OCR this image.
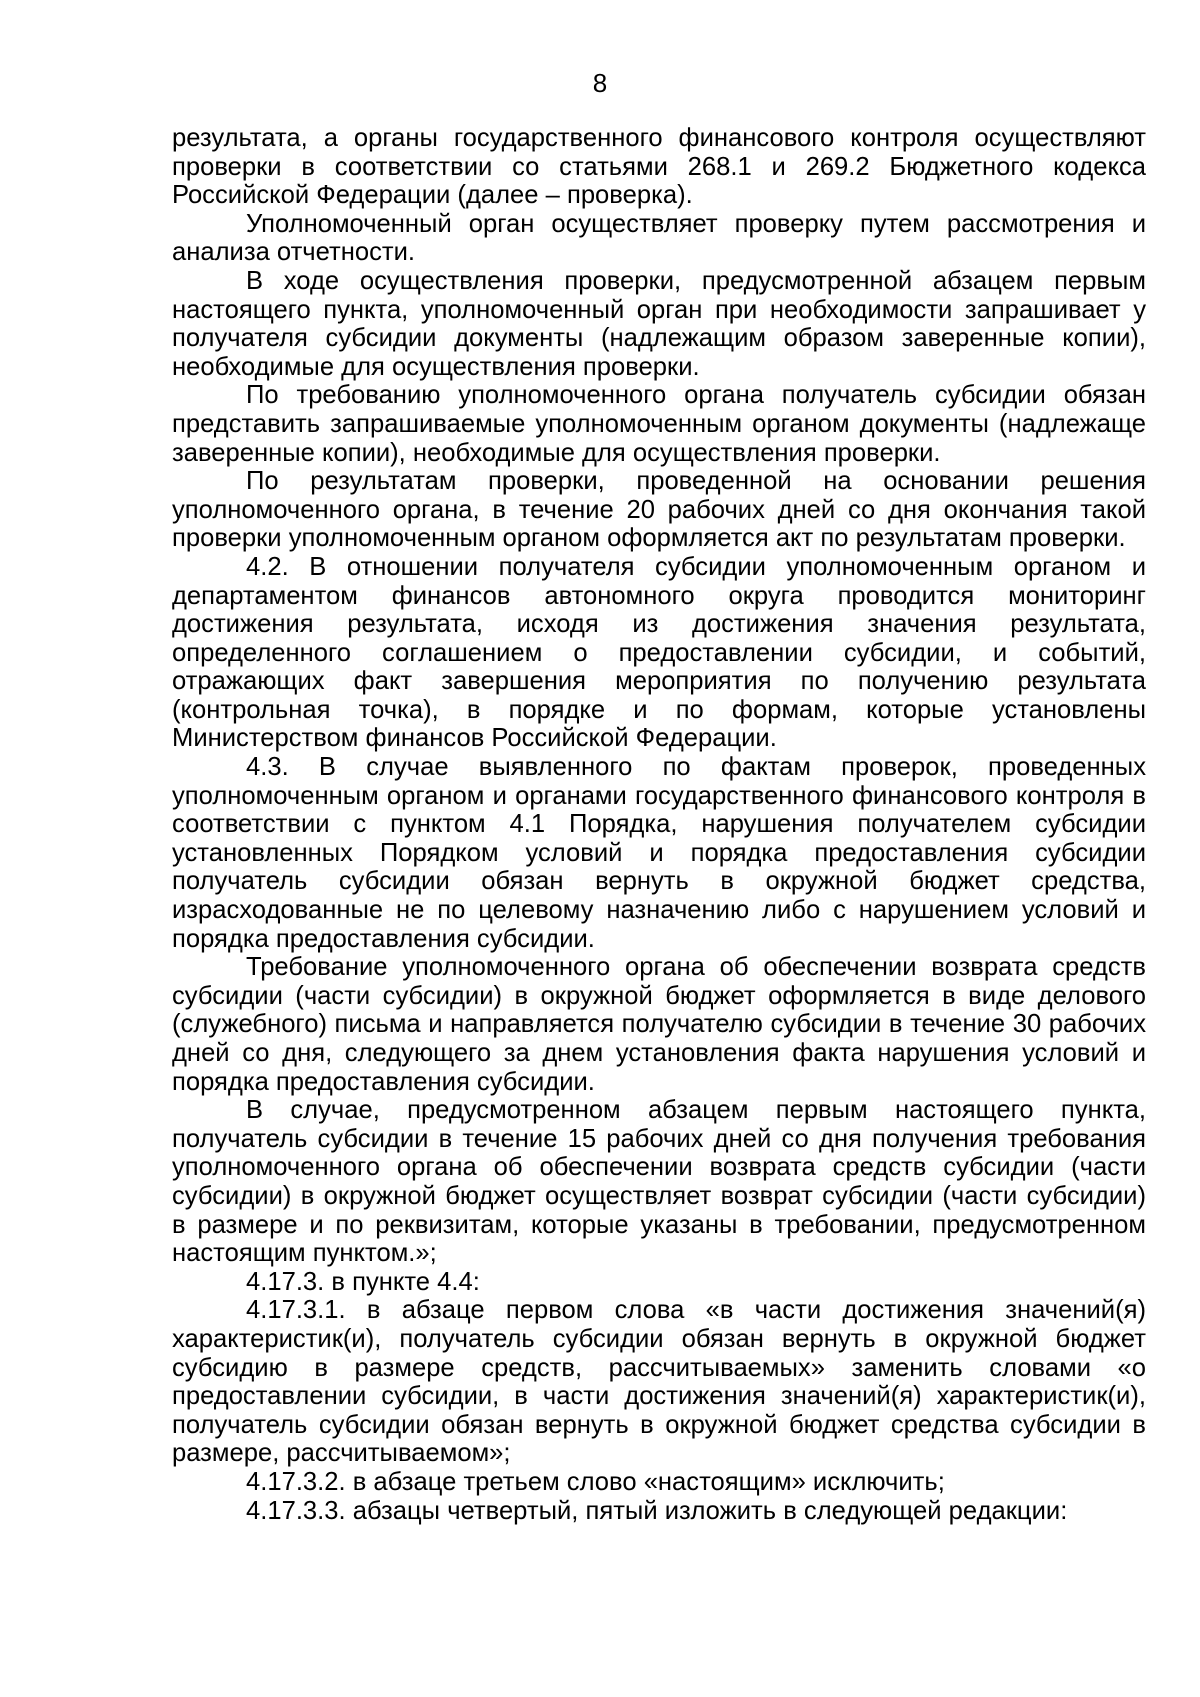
8

результата, а органы государственного финансового контроля осуществляют проверки в соответствии со статьями 268.1 и 269.2 Бюджетного кодекса Российской Федерации (далее – проверка).

Уполномоченный орган осуществляет проверку путем рассмотрения и анализа отчетности.

В ходе осуществления проверки, предусмотренной абзацем первым настоящего пункта, уполномоченный орган при необходимости запрашивает у получателя субсидии документы (надлежащим образом заверенные копии), необходимые для осуществления проверки.

По требованию уполномоченного органа получатель субсидии обязан представить запрашиваемые уполномоченным органом документы (надлежаще заверенные копии), необходимые для осуществления проверки.

По результатам проверки, проведенной на основании решения уполномоченного органа, в течение 20 рабочих дней со дня окончания такой проверки уполномоченным органом оформляется акт по результатам проверки.

4.2. В отношении получателя субсидии уполномоченным органом и департаментом финансов автономного округа проводится мониторинг достижения результата, исходя из достижения значения результата, определенного соглашением о предоставлении субсидии, и событий, отражающих факт завершения мероприятия по получению результата (контрольная точка), в порядке и по формам, которые установлены Министерством финансов Российской Федерации.

4.3. В случае выявленного по фактам проверок, проведенных уполномоченным органом и органами государственного финансового контроля в соответствии с пунктом 4.1 Порядка, нарушения получателем субсидии установленных Порядком условий и порядка предоставления субсидии получатель субсидии обязан вернуть в окружной бюджет средства, израсходованные не по целевому назначению либо с нарушением условий и порядка предоставления субсидии.

Требование уполномоченного органа об обеспечении возврата средств субсидии (части субсидии) в окружной бюджет оформляется в виде делового (служебного) письма и направляется получателю субсидии в течение 30 рабочих дней со дня, следующего за днем установления факта нарушения условий и порядка предоставления субсидии.

В случае, предусмотренном абзацем первым настоящего пункта, получатель субсидии в течение 15 рабочих дней со дня получения требования уполномоченного органа об обеспечении возврата средств субсидии (части субсидии) в окружной бюджет осуществляет возврат субсидии (части субсидии) в размере и по реквизитам, которые указаны в требовании, предусмотренном настоящим пунктом.»;

4.17.3. в пункте 4.4:

4.17.3.1. в абзаце первом слова «в части достижения значений(я) характеристик(и), получатель субсидии обязан вернуть в окружной бюджет субсидию в размере средств, рассчитываемых» заменить словами «о предоставлении субсидии, в части достижения значений(я) характеристик(и), получатель субсидии обязан вернуть в окружной бюджет средства субсидии в размере, рассчитываемом»;

4.17.3.2. в абзаце третьем слово «настоящим» исключить;

4.17.3.3. абзацы четвертый, пятый изложить в следующей редакции:
